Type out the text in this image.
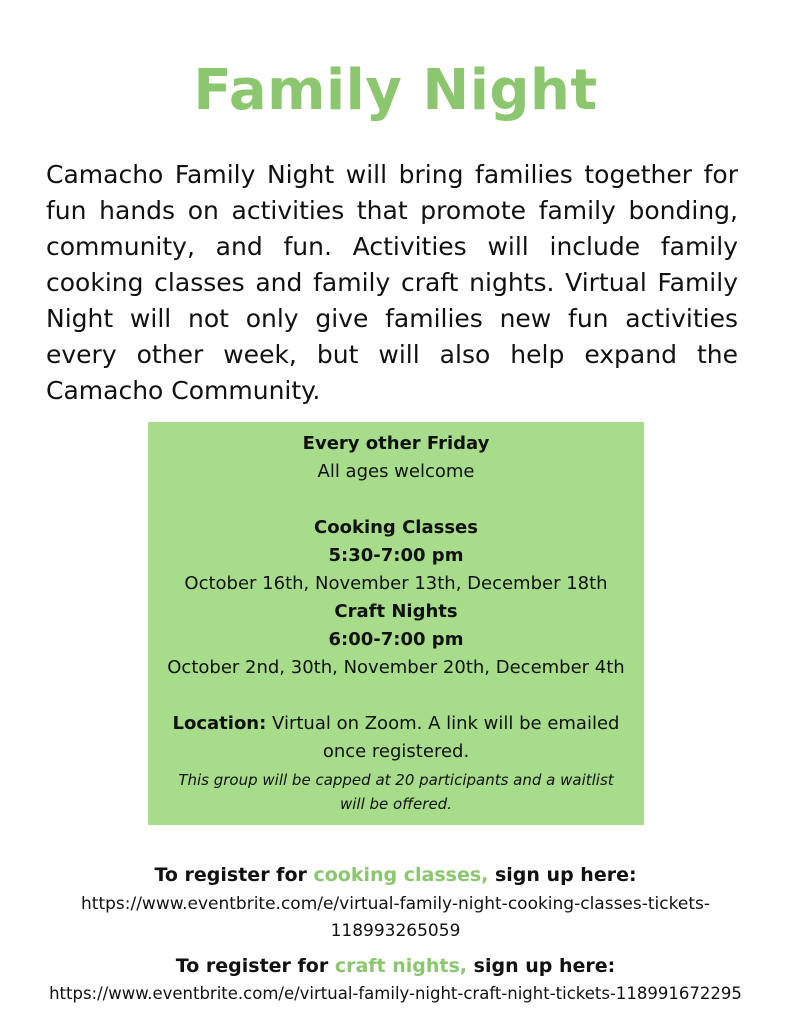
Family Night

Camacho Family Night will bring families together for fun hands on activities that promote family bonding, community, and fun. Activities will include family cooking classes and family craft nights. Virtual Family Night will not only give families new fun activities every other week, but will also help expand the Camacho Community.

Every other Friday
All ages welcome
Cooking Classes
5:30-7:00 pm
October 16th, November 13th, December 18th
Craft Nights
6:00-7:00 pm
October 2nd, 30th, November 20th, December 4th
Location: Virtual on Zoom. A link will be emailed once registered.
This group will be capped at 20 participants and a waitlist will be offered.
To register for cooking classes, sign up here:
https://www.eventbrite.com/e/virtual-family-night-cooking-classes-tickets-118993265059
To register for craft nights, sign up here:
https://www.eventbrite.com/e/virtual-family-night-craft-night-tickets-118991672295
